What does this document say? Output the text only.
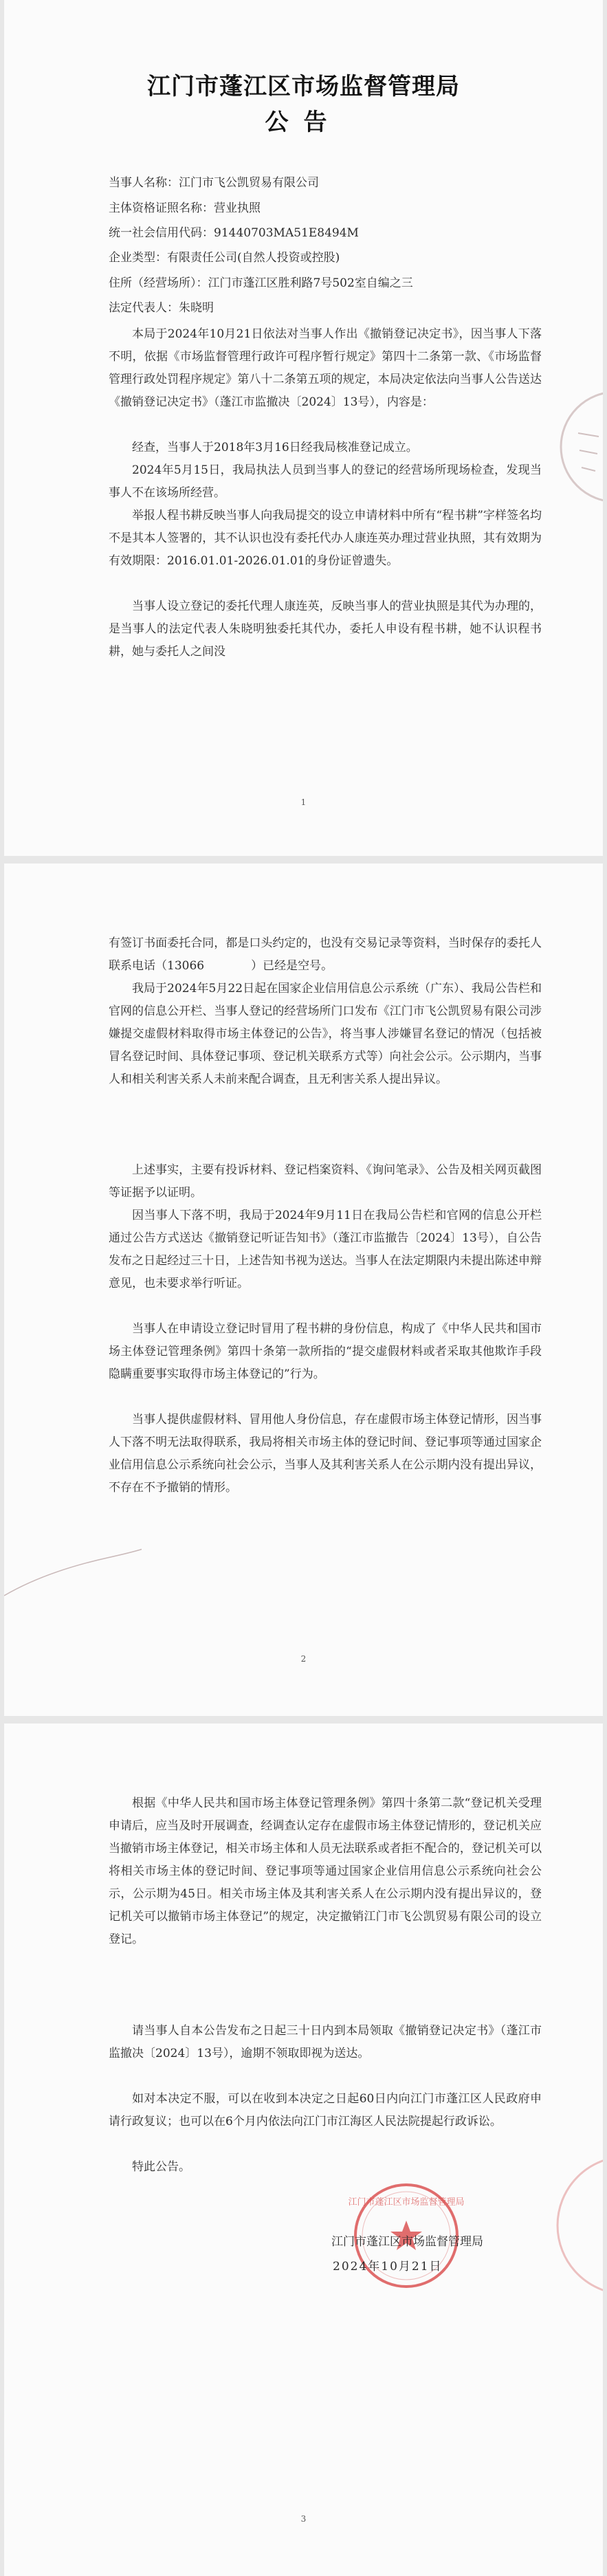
江门市蓬江区市场监督管理局
公告
当事人名称：江门市飞公凯贸易有限公司
主体资格证照名称：营业执照
统一社会信用代码：91440703MA51E8494M
企业类型：有限责任公司(自然人投资或控股)
住所（经营场所）：江门市蓬江区胜利路7号502室自编之三
法定代表人：朱晓明

本局于2024年10月21日依法对当事人作出《撤销登记决定书》，因当事人下落不明，依据《市场监督管理行政许可程序暂行规定》第四十二条第一款、《市场监督管理行政处罚程序规定》第八十二条第五项的规定，本局决定依法向当事人公告送达《撤销登记决定书》（蓬江市监撤决〔2024〕13号），内容是：

经查，当事人于2018年3月16日经我局核准登记成立。

2024年5月15日，我局执法人员到当事人的登记的经营场所现场检查，发现当事人不在该场所经营。

举报人程书耕反映当事人向我局提交的设立申请材料中所有“程书耕”字样签名均不是其本人签署的，其不认识也没有委托代办人康连英办理过营业执照，其有效期为有效期限：2016.01.01-2026.01.01的身份证曾遗失。

当事人设立登记的委托代理人康连英，反映当事人的营业执照是其代为办理的，是当事人的法定代表人朱晓明独委托其代办，委托人申设有程书耕，她不认识程书耕，她与委托人之间没

1

有签订书面委托合同，都是口头约定的，也没有交易记录等资料，当时保存的委托人联系电话（13066　　　　）已经是空号。

我局于2024年5月22日起在国家企业信用信息公示系统（广东）、我局公告栏和官网的信息公开栏、当事人登记的经营场所门口发布《江门市飞公凯贸易有限公司涉嫌提交虚假材料取得市场主体登记的公告》，将当事人涉嫌冒名登记的情况（包括被冒名登记时间、具体登记事项、登记机关联系方式等）向社会公示。公示期内，当事人和相关利害关系人未前来配合调查，且无利害关系人提出异议。

上述事实，主要有投诉材料、登记档案资料、《询问笔录》、公告及相关网页截图等证据予以证明。

因当事人下落不明，我局于2024年9月11日在我局公告栏和官网的信息公开栏通过公告方式送达《撤销登记听证告知书》（蓬江市监撤告〔2024〕13号），自公告发布之日起经过三十日，上述告知书视为送达。当事人在法定期限内未提出陈述申辩意见，也未要求举行听证。

当事人在申请设立登记时冒用了程书耕的身份信息，构成了《中华人民共和国市场主体登记管理条例》第四十条第一款所指的“提交虚假材料或者采取其他欺诈手段隐瞒重要事实取得市场主体登记的”行为。

当事人提供虚假材料、冒用他人身份信息，存在虚假市场主体登记情形，因当事人下落不明无法取得联系，我局将相关市场主体的登记时间、登记事项等通过国家企业信用信息公示系统向社会公示，当事人及其利害关系人在公示期内没有提出异议，不存在不予撤销的情形。

2

根据《中华人民共和国市场主体登记管理条例》第四十条第二款“登记机关受理申请后，应当及时开展调查，经调查认定存在虚假市场主体登记情形的，登记机关应当撤销市场主体登记，相关市场主体和人员无法联系或者拒不配合的，登记机关可以将相关市场主体的登记时间、登记事项等通过国家企业信用信息公示系统向社会公示，公示期为45日。相关市场主体及其利害关系人在公示期内没有提出异议的，登记机关可以撤销市场主体登记”的规定，决定撤销江门市飞公凯贸易有限公司的设立登记。

请当事人自本公告发布之日起三十日内到本局领取《撤销登记决定书》（蓬江市监撤决〔2024〕13号），逾期不领取即视为送达。

如对本决定不服，可以在收到本决定之日起60日内向江门市蓬江区人民政府申请行政复议；也可以在6个月内依法向江门市江海区人民法院提起行政诉讼。

特此公告。

江门市蓬江区市场监督管理局
江门市蓬江区市场监督管理局
2024年10月21日
3
